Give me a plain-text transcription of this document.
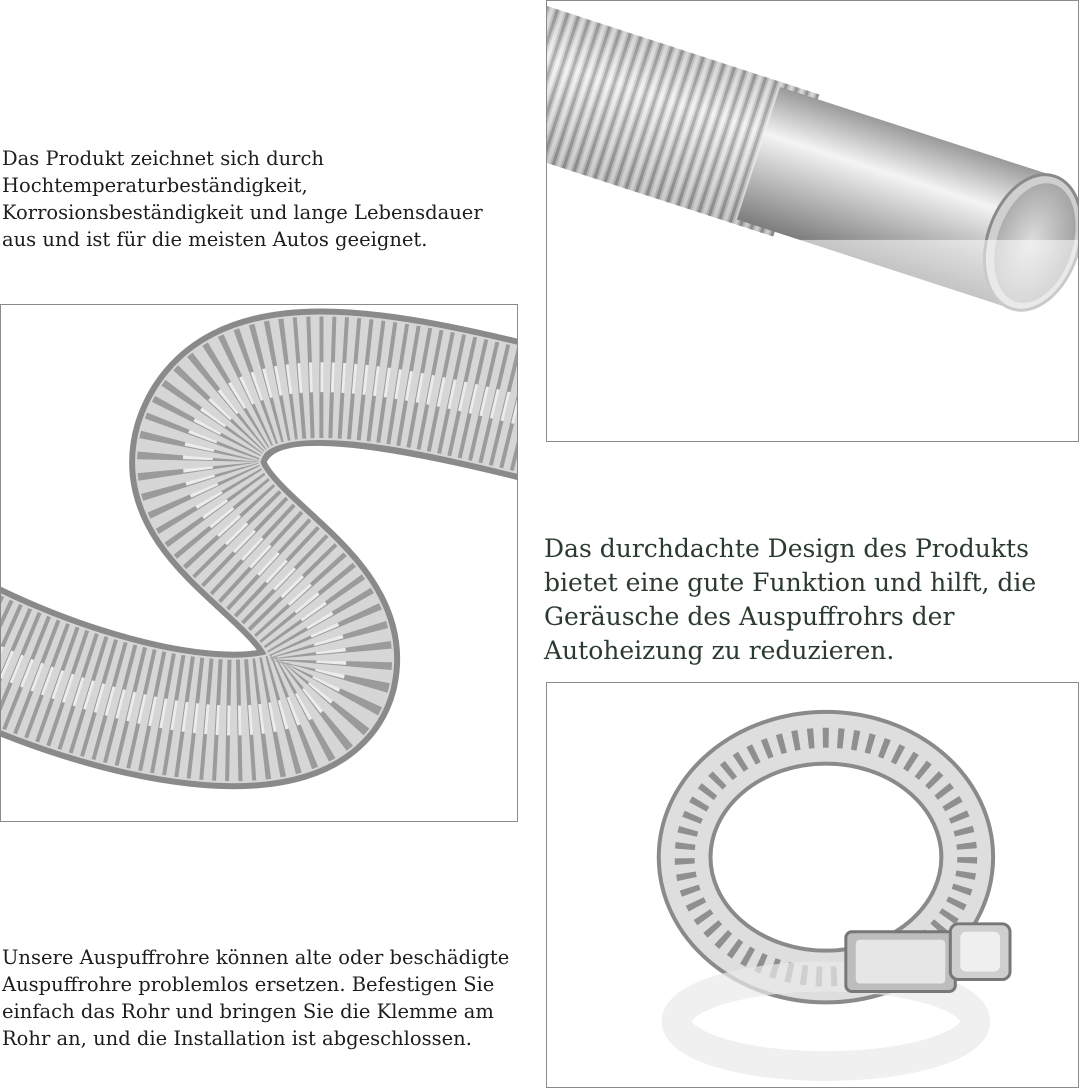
Das Produkt zeichnet sich durch
Hochtemperaturbeständigkeit,
Korrosionsbeständigkeit und lange Lebensdauer
aus und ist für die meisten Autos geeignet.
Das durchdachte Design des Produkts
bietet eine gute Funktion und hilft, die
Geräusche des Auspuffrohrs der
Autoheizung zu reduzieren.
Unsere Auspuffrohre können alte oder beschädigte
Auspuffrohre problemlos ersetzen. Befestigen Sie
einfach das Rohr und bringen Sie die Klemme am
Rohr an, und die Installation ist abgeschlossen.
